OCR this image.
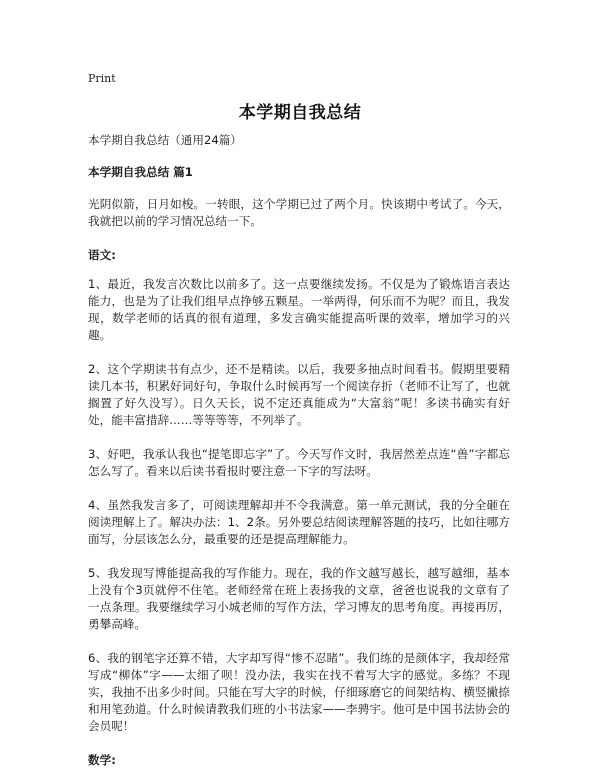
Print
本学期自我总结

本学期自我总结（通用24篇）

本学期自我总结 篇1

光阴似箭，日月如梭。一转眼，这个学期已过了两个月。快该期中考试了。今天，我就把以前的学习情况总结一下。

语文:

1、最近，我发言次数比以前多了。这一点要继续发扬。不仅是为了锻炼语言表达能力，也是为了让我们组早点挣够五颗星。一举两得，何乐而不为呢？而且，我发现，数学老师的话真的很有道理，多发言确实能提高听课的效率，增加学习的兴趣。

2、这个学期读书有点少，还不是精读。以后，我要多抽点时间看书。假期里要精读几本书，积累好词好句，争取什么时候再写一个阅读存折（老师不让写了，也就搁置了好久没写）。日久天长，说不定还真能成为“大富翁”呢！多读书确实有好处，能丰富措辞……等等等等，不列举了。

3、好吧，我承认我也“提笔即忘字”了。今天写作文时，我居然差点连“兽”字都忘怎么写了。看来以后读书看报时要注意一下字的写法呀。

4、虽然我发言多了，可阅读理解却并不令我满意。第一单元测试，我的分全砸在阅读理解上了。解决办法：1、2条。另外要总结阅读理解答题的技巧，比如往哪方面写，分层该怎么分，最重要的还是提高理解能力。

5、我发现写博能提高我的写作能力。现在，我的作文越写越长，越写越细，基本上没有个3页就停不住笔。老师经常在班上表扬我的文章，爸爸也说我的文章有了一点条理。我要继续学习小城老师的写作方法，学习博友的思考角度。再接再厉，勇攀高峰。

6、我的钢笔字还算不错，大字却写得“惨不忍睹”。我们练的是颜体字，我却经常写成“柳体”字——太细了呗！没办法，我实在找不着写大字的感觉。多练？不现实，我抽不出多少时间。只能在写大字的时候，仔细琢磨它的间架结构、横竖撇捺和用笔劲道。什么时候请教我们班的小书法家——李骋宇。他可是中国书法协会的会员呢！

数学:
